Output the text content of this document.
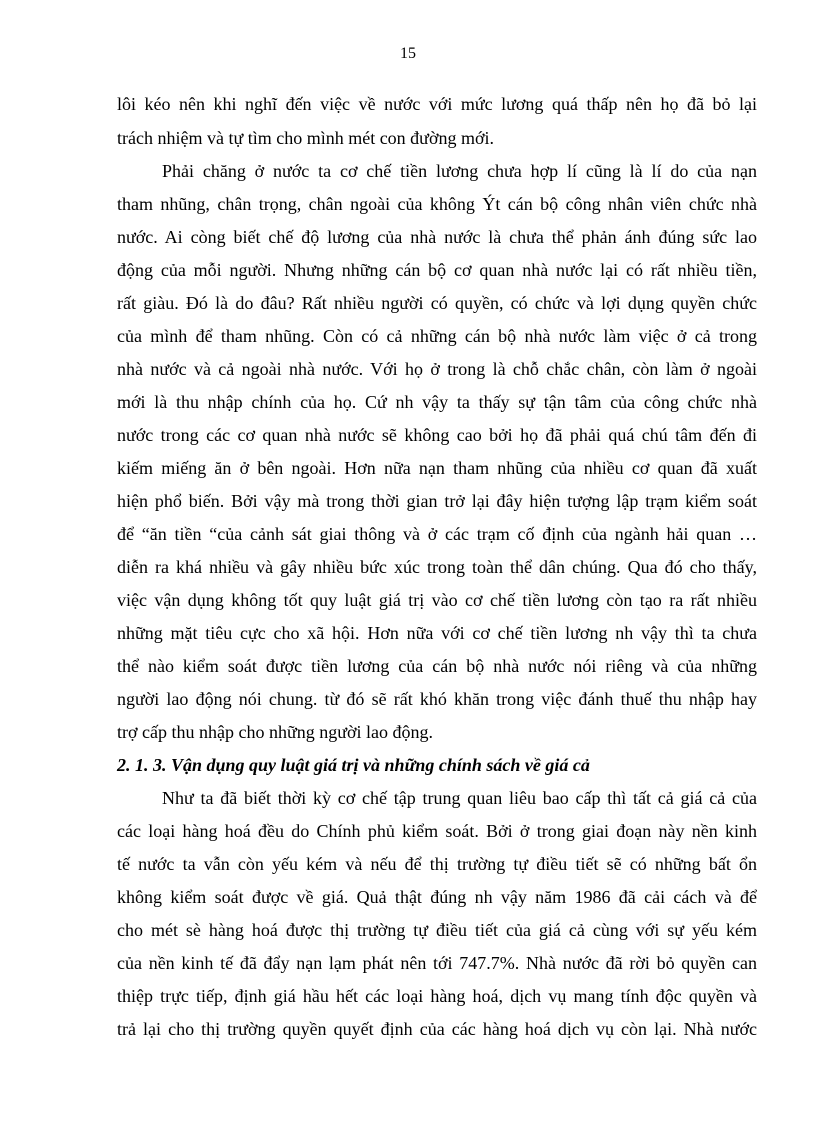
15
lôi kéo nên khi nghĩ đến việc về nước với mức lương quá thấp nên họ đã bỏ lại
trách nhiệm và tự tìm cho mình mét con đường mới.
Phải chăng ở nước ta cơ chế tiền lương chưa hợp lí cũng là lí do của nạn
tham nhũng, chân trọng, chân ngoài của không Ýt cán bộ công nhân viên chức nhà
nước. Ai còng biết chế độ lương của nhà nước là chưa thể phản ánh đúng sức lao
động của mỗi người. Nhưng những cán bộ cơ quan nhà nước lại có rất nhiều tiền,
rất giàu. Đó là do đâu? Rất nhiều người có quyền, có chức và lợi dụng quyền chức
của mình để tham nhũng. Còn có cả những cán bộ nhà nước làm việc ở cả trong
nhà nước và cả ngoài nhà nước. Với họ ở trong là chỗ chắc chân, còn làm ở ngoài
mới là thu nhập chính của họ. Cứ nh vậy ta thấy sự tận tâm của công chức nhà
nước trong các cơ quan nhà nước sẽ không cao bởi họ đã phải quá chú tâm đến đi
kiếm miếng ăn ở bên ngoài. Hơn nữa nạn tham nhũng của nhiều cơ quan đã xuất
hiện phổ biến. Bởi vậy mà trong thời gian trở lại đây hiện tượng lập trạm kiểm soát
để “ăn tiền “của cảnh sát giai thông và ở các trạm cố định của ngành hải quan …
diễn ra khá nhiều và gây nhiều bức xúc trong toàn thể dân chúng. Qua đó cho thấy,
việc vận dụng không tốt quy luật giá trị vào cơ chế tiền lương còn tạo ra rất nhiều
những mặt tiêu cực cho xã hội. Hơn nữa với cơ chế tiền lương nh vậy thì ta chưa
thể nào kiểm soát được tiền lương của cán bộ nhà nước nói riêng và của những
người lao động nói chung. từ đó sẽ rất khó khăn trong việc đánh thuế thu nhập hay
trợ cấp thu nhập cho những người lao động.
2. 1. 3. Vận dụng quy luật giá trị và những chính sách về giá cả
Như ta đã biết thời kỳ cơ chế tập trung quan liêu bao cấp thì tất cả giá cả của
các loại hàng hoá đều do Chính phủ kiểm soát. Bởi ở trong giai đoạn này nền kinh
tế nước ta vẫn còn yếu kém và nếu để thị trường tự điều tiết sẽ có những bất ổn
không kiểm soát được về giá. Quả thật đúng nh vậy năm 1986 đã cải cách và để
cho mét sè hàng hoá được thị trường tự điều tiết của giá cả cùng với sự yếu kém
của nền kinh tế đã đẩy nạn lạm phát nên tới 747.7%. Nhà nước đã rời bỏ quyền can
thiệp trực tiếp, định giá hầu hết các loại hàng hoá, dịch vụ mang tính độc quyền và
trả lại cho thị trường quyền quyết định của các hàng hoá dịch vụ còn lại. Nhà nước
